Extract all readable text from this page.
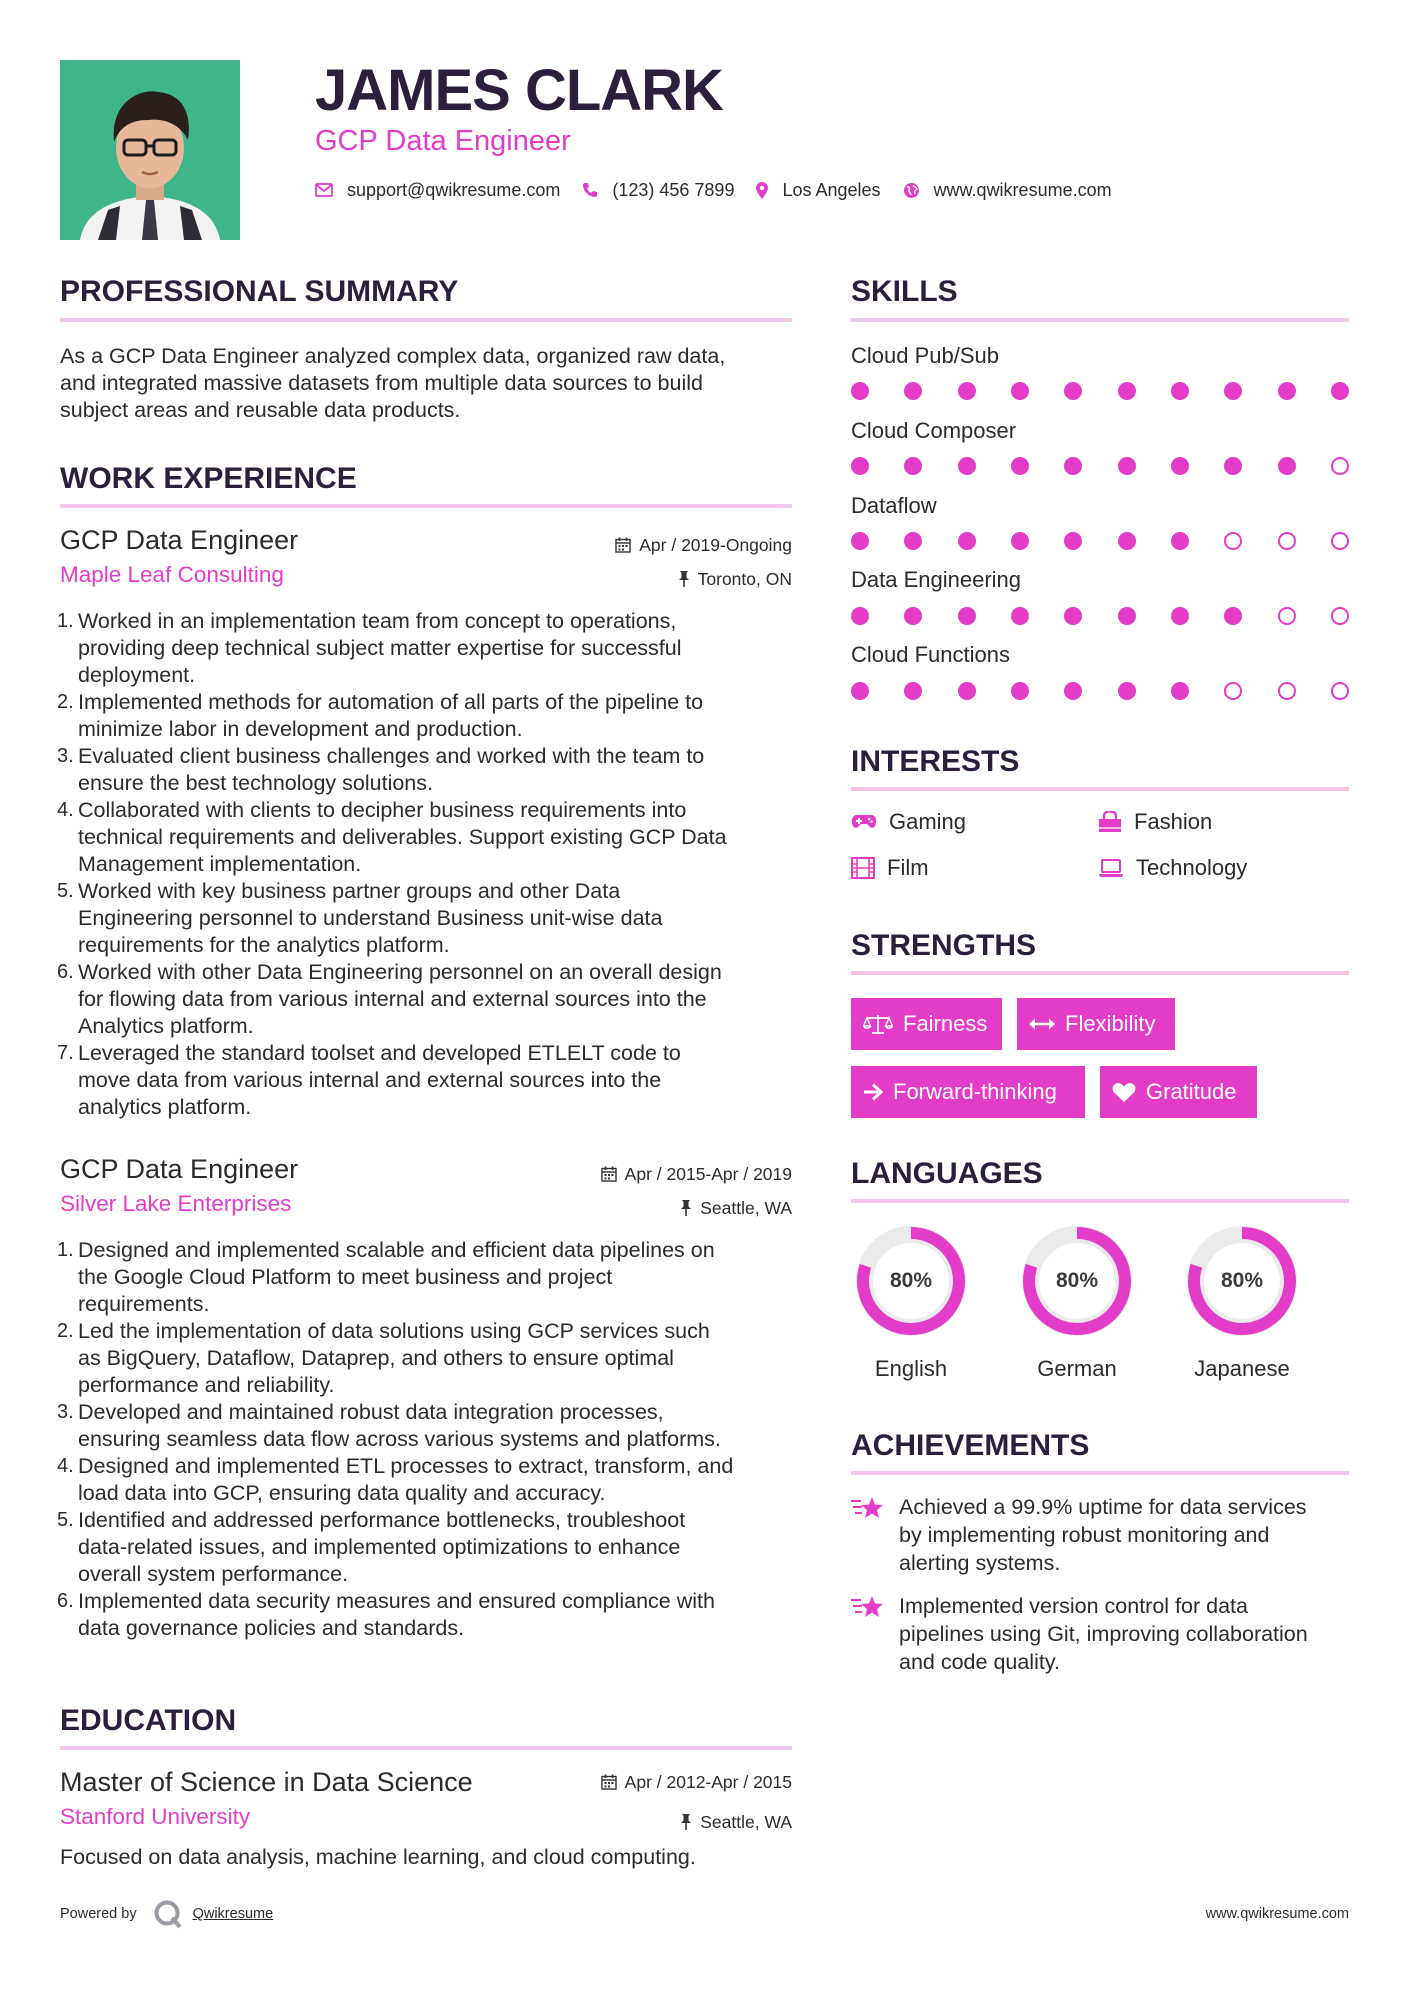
JAMES CLARK
GCP Data Engineer
support@qwikresume.com	(123) 456 7899	Los Angeles	www.qwikresume.com
PROFESSIONAL SUMMARY
As a GCP Data Engineer analyzed complex data, organized raw data,
and integrated massive datasets from multiple data sources to build
subject areas and reusable data products.
WORK EXPERIENCE
GCP Data Engineer	Apr / 2019-Ongoing
Maple Leaf Consulting	Toronto, ON
1. Worked in an implementation team from concept to operations,
providing deep technical subject matter expertise for successful
deployment.
2. Implemented methods for automation of all parts of the pipeline to
minimize labor in development and production.
3. Evaluated client business challenges and worked with the team to
ensure the best technology solutions.
4. Collaborated with clients to decipher business requirements into
technical requirements and deliverables. Support existing GCP Data
Management implementation.
5. Worked with key business partner groups and other Data
Engineering personnel to understand Business unit-wise data
requirements for the analytics platform.
6. Worked with other Data Engineering personnel on an overall design
for flowing data from various internal and external sources into the
Analytics platform.
7. Leveraged the standard toolset and developed ETLELT code to
move data from various internal and external sources into the
analytics platform.
GCP Data Engineer	Apr / 2015-Apr / 2019
Silver Lake Enterprises	Seattle, WA
1. Designed and implemented scalable and efficient data pipelines on
the Google Cloud Platform to meet business and project
requirements.
2. Led the implementation of data solutions using GCP services such
as BigQuery, Dataflow, Dataprep, and others to ensure optimal
performance and reliability.
3. Developed and maintained robust data integration processes,
ensuring seamless data flow across various systems and platforms.
4. Designed and implemented ETL processes to extract, transform, and
load data into GCP, ensuring data quality and accuracy.
5. Identified and addressed performance bottlenecks, troubleshoot
data-related issues, and implemented optimizations to enhance
overall system performance.
6. Implemented data security measures and ensured compliance with
data governance policies and standards.
EDUCATION
Master of Science in Data Science	Apr / 2012-Apr / 2015
Stanford University	Seattle, WA
Focused on data analysis, machine learning, and cloud computing.
SKILLS
Cloud Pub/Sub
Cloud Composer
Dataflow
Data Engineering
Cloud Functions
INTERESTS
Gaming	Fashion
Film	Technology
STRENGTHS
Fairness	Flexibility
Forward-thinking	Gratitude
LANGUAGES
80%
English
80%
German
80%
Japanese
ACHIEVEMENTS
Achieved a 99.9% uptime for data services
by implementing robust monitoring and
alerting systems.
Implemented version control for data
pipelines using Git, improving collaboration
and code quality.
Powered by	Qwikresume	www.qwikresume.com
